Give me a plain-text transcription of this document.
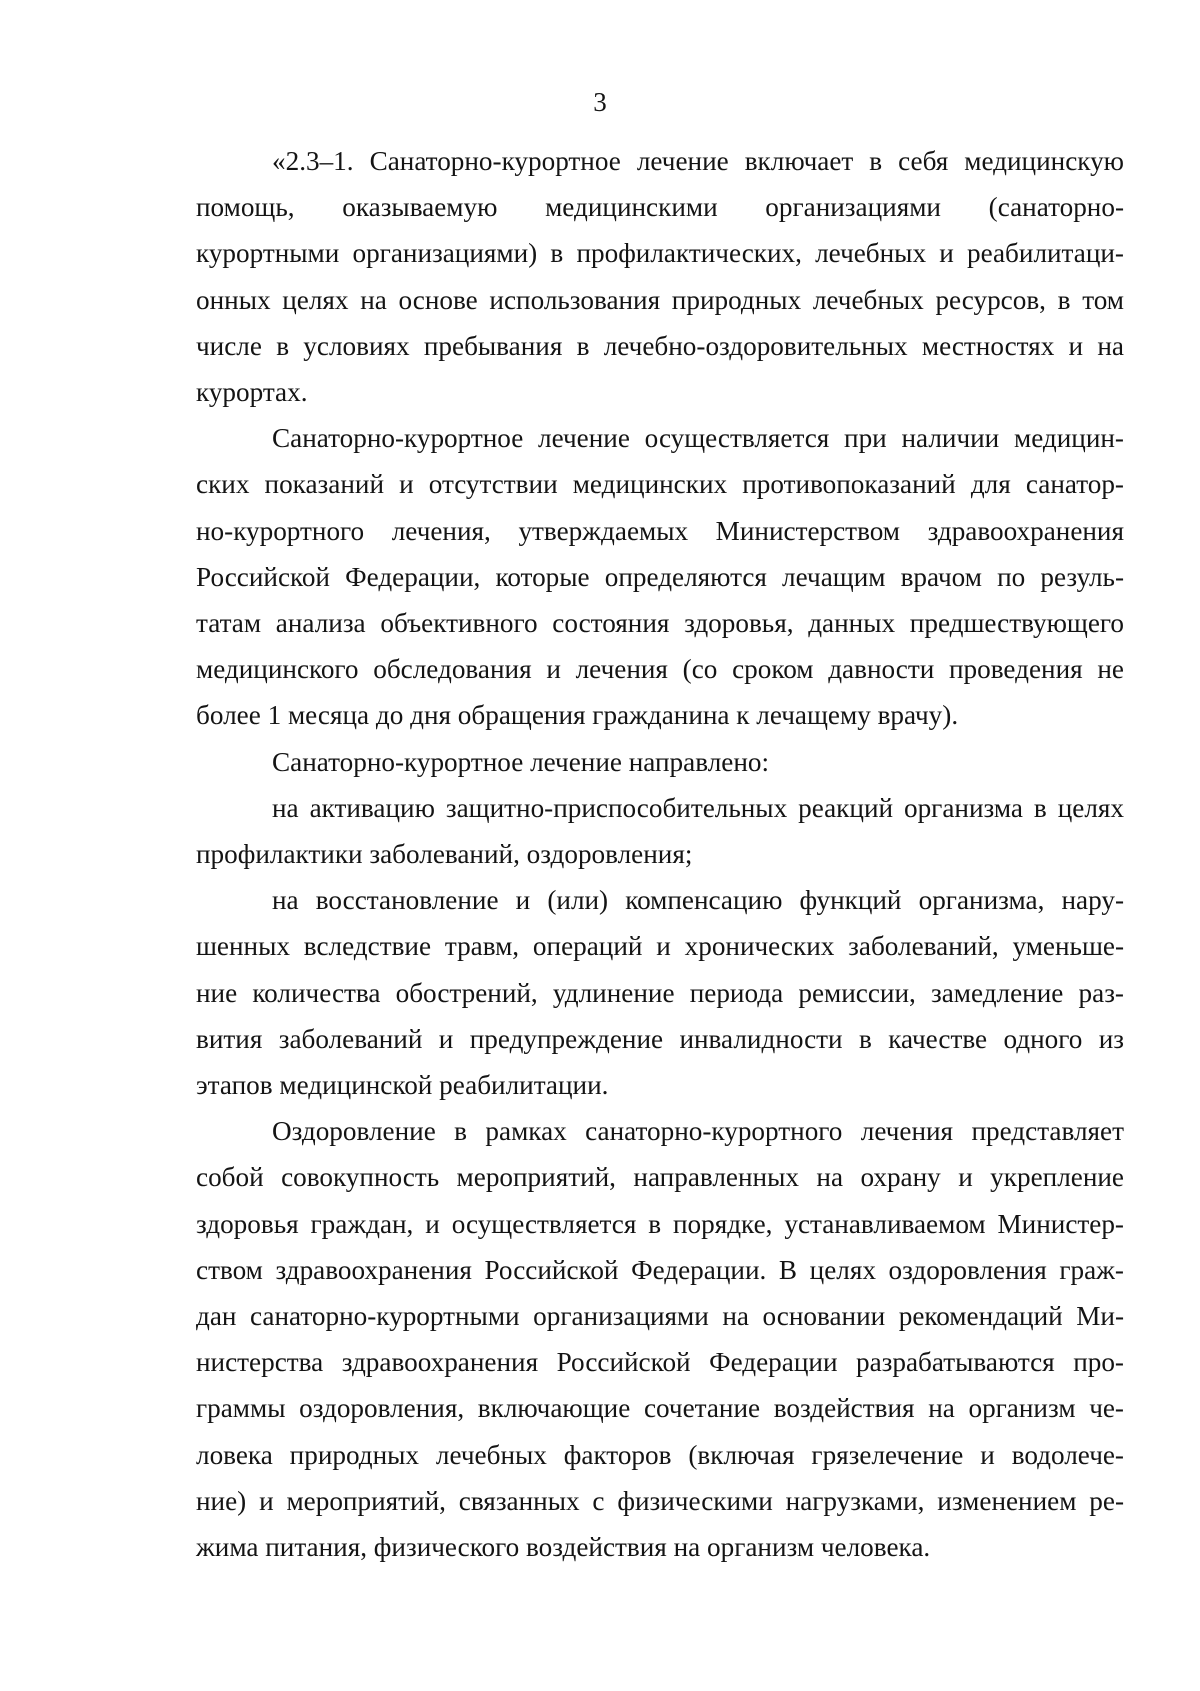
3

«2.3–1. Санаторно-курортное лечение включает в себя медицинскую
помощь, оказываемую медицинскими организациями (санаторно-
курортными организациями) в профилактических, лечебных и реабилитаци-
онных целях на основе использования природных лечебных ресурсов, в том
числе в условиях пребывания в лечебно-оздоровительных местностях и на
курортах.

Санаторно-курортное лечение осуществляется при наличии медицин-
ских показаний и отсутствии медицинских противопоказаний для санатор-
но-курортного лечения, утверждаемых Министерством здравоохранения
Российской Федерации, которые определяются лечащим врачом по резуль-
татам анализа объективного состояния здоровья, данных предшествующего
медицинского обследования и лечения (со сроком давности проведения не
более 1 месяца до дня обращения гражданина к лечащему врачу).

Санаторно-курортное лечение направлено:

на активацию защитно-приспособительных реакций организма в целях
профилактики заболеваний, оздоровления;

на восстановление и (или) компенсацию функций организма, нару-
шенных вследствие травм, операций и хронических заболеваний, уменьше-
ние количества обострений, удлинение периода ремиссии, замедление раз-
вития заболеваний и предупреждение инвалидности в качестве одного из
этапов медицинской реабилитации.

Оздоровление в рамках санаторно-курортного лечения представляет
собой совокупность мероприятий, направленных на охрану и укрепление
здоровья граждан, и осуществляется в порядке, устанавливаемом Министер-
ством здравоохранения Российской Федерации. В целях оздоровления граж-
дан санаторно-курортными организациями на основании рекомендаций Ми-
нистерства здравоохранения Российской Федерации разрабатываются про-
граммы оздоровления, включающие сочетание воздействия на организм че-
ловека природных лечебных факторов (включая грязелечение и водолече-
ние) и мероприятий, связанных с физическими нагрузками, изменением ре-
жима питания, физического воздействия на организм человека.
